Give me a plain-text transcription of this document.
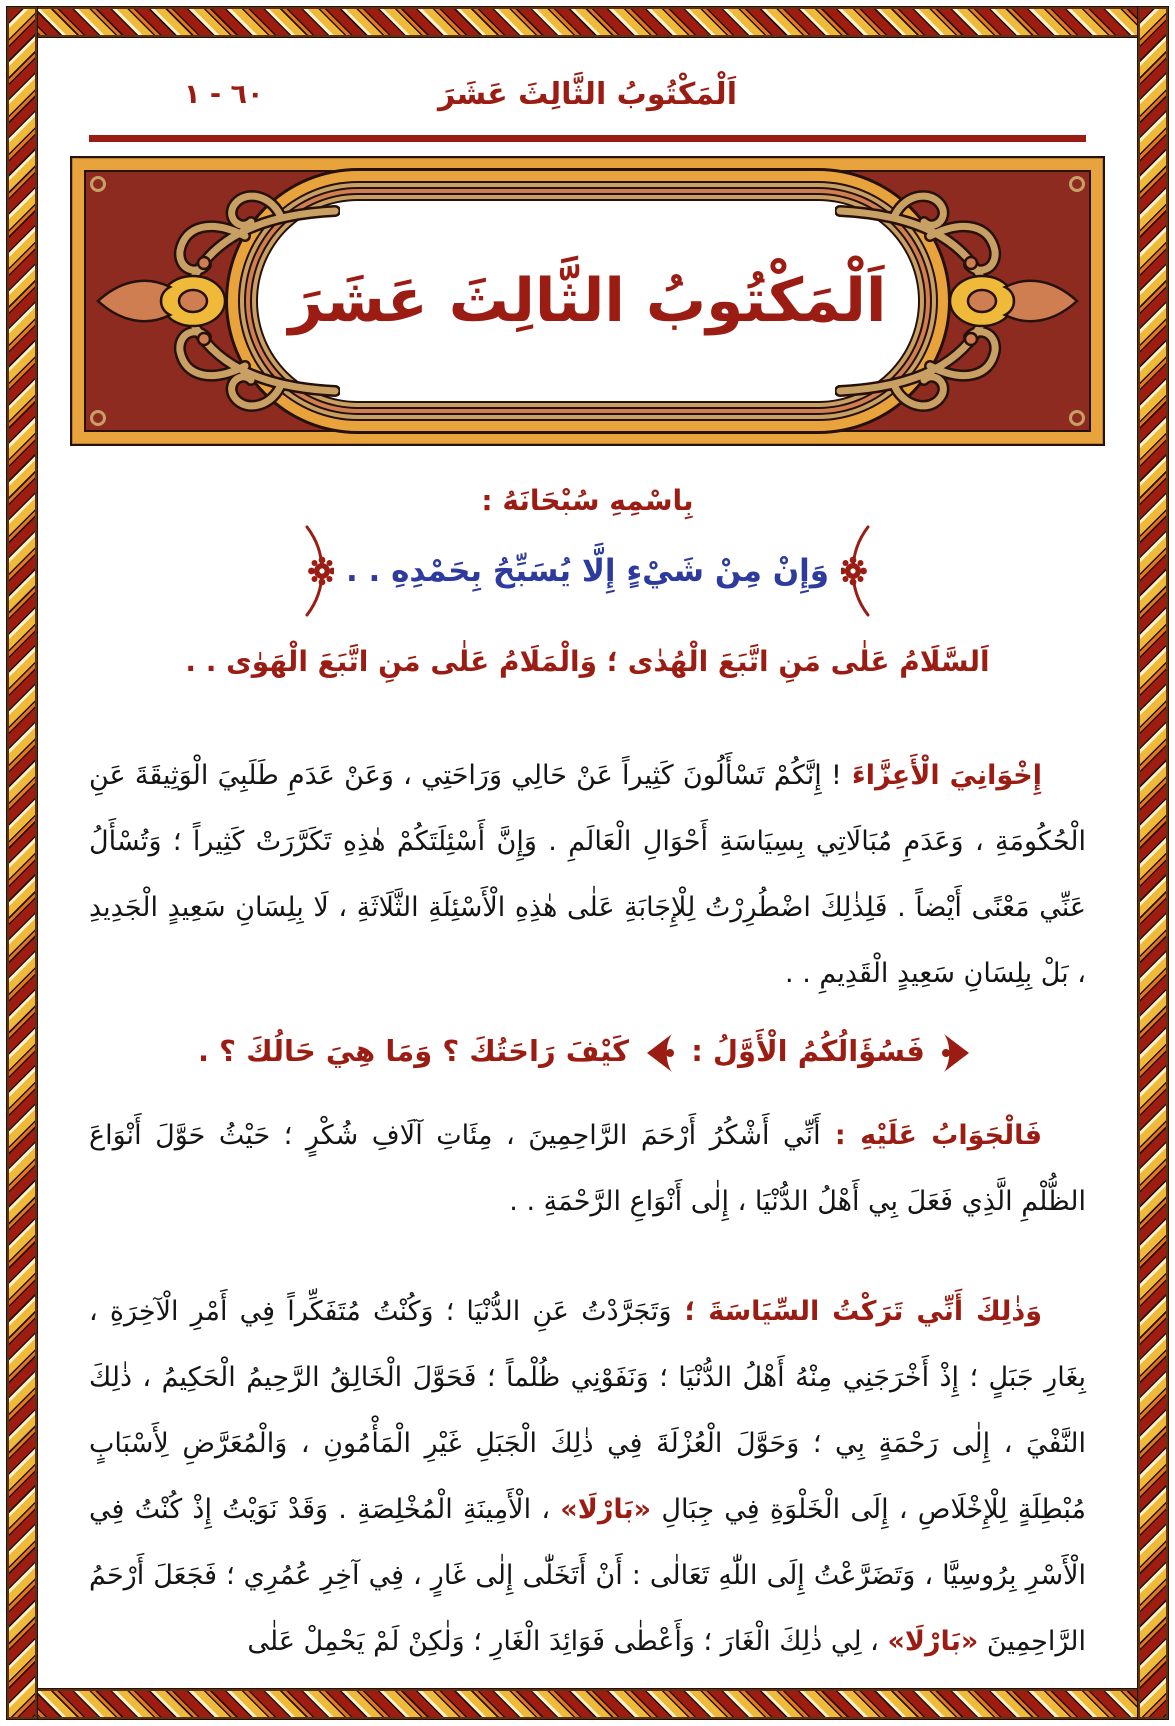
اَلْمَكْتُوبُ الثَّالِثَ عَشَرَ
٦٠ - ١
اَلْمَكْتُوبُ الثَّالِثَ عَشَرَ
بِاسْمِهِ سُبْحَانَهُ :
وَإِنْ مِنْ شَيْءٍ إِلَّا يُسَبِّحُ بِحَمْدِهِ . .
اَلسَّلَامُ عَلٰى مَنِ اتَّبَعَ الْهُدٰى ؛ وَالْمَلَامُ عَلٰى مَنِ اتَّبَعَ الْهَوٰى . .

إِخْوَانِيَ الْأَعِزَّاءَ ! إِنَّكُمْ تَسْأَلُونَ كَثِيراً عَنْ حَالِي وَرَاحَتِي ، وَعَنْ عَدَمِ طَلَبِيَ الْوَثِيقَةَ عَنِ الْحُكُومَةِ ، وَعَدَمِ مُبَالَاتِي بِسِيَاسَةِ أَحْوَالِ الْعَالَمِ . وَإِنَّ أَسْئِلَتَكُمْ هٰذِهِ تَكَرَّرَتْ كَثِيراً ؛ وَتُسْأَلُ عَنِّي مَعْنًى أَيْضاً . فَلِذٰلِكَ اضْطُرِرْتُ لِلْإِجَابَةِ عَلٰى هٰذِهِ الْأَسْئِلَةِ الثَّلَاثَةِ ، لَا بِلِسَانِ سَعِيدٍ الْجَدِيدِ ، بَلْ بِلِسَانِ سَعِيدٍ الْقَدِيمِ . .

فَسُؤَالُكُمُ الْأَوَّلُ :  كَيْفَ رَاحَتُكَ ؟ وَمَا هِيَ حَالُكَ ؟ .

فَالْجَوَابُ عَلَيْهِ : أَنِّي أَشْكُرُ أَرْحَمَ الرَّاحِمِينَ ، مِئَاتِ آلَافِ شُكْرٍ ؛ حَيْثُ حَوَّلَ أَنْوَاعَ الظُّلْمِ الَّذِي فَعَلَ بِي أَهْلُ الدُّنْيَا ، إِلٰى أَنْوَاعِ الرَّحْمَةِ . .

وَذٰلِكَ أَنِّي تَرَكْتُ السِّيَاسَةَ ؛ وَتَجَرَّدْتُ عَنِ الدُّنْيَا ؛ وَكُنْتُ مُتَفَكِّراً فِي أَمْرِ الْآخِرَةِ ، بِغَارِ جَبَلٍ ؛ إِذْ أَخْرَجَنِي مِنْهُ أَهْلُ الدُّنْيَا ؛ وَنَفَوْنِي ظُلْماً ؛ فَحَوَّلَ الْخَالِقُ الرَّحِيمُ الْحَكِيمُ ، ذٰلِكَ النَّفْيَ ، إِلٰى رَحْمَةٍ بِي ؛ وَحَوَّلَ الْعُزْلَةَ فِي ذٰلِكَ الْجَبَلِ غَيْرِ الْمَأْمُونِ ، وَالْمُعَرَّضِ لِأَسْبَابٍ مُبْطِلَةٍ لِلْإِخْلَاصِ ، إِلَى الْخَلْوَةِ فِي جِبَالِ «بَارْلَا» ، الْأَمِينَةِ الْمُخْلِصَةِ . وَقَدْ نَوَيْتُ إِذْ كُنْتُ فِي الْأَسْرِ بِرُوسِيَّا ، وَتَضَرَّعْتُ إِلَى اللّٰهِ تَعَالٰى : أَنْ أَتَخَلّٰى إِلٰى غَارٍ ، فِي آخِرِ عُمُرِي ؛ فَجَعَلَ أَرْحَمُ الرَّاحِمِينَ «بَارْلَا» ، لِي ذٰلِكَ الْغَارَ ؛ وَأَعْطٰى فَوَائِدَ الْغَارِ ؛ وَلٰكِنْ لَمْ يَحْمِلْ عَلٰى
